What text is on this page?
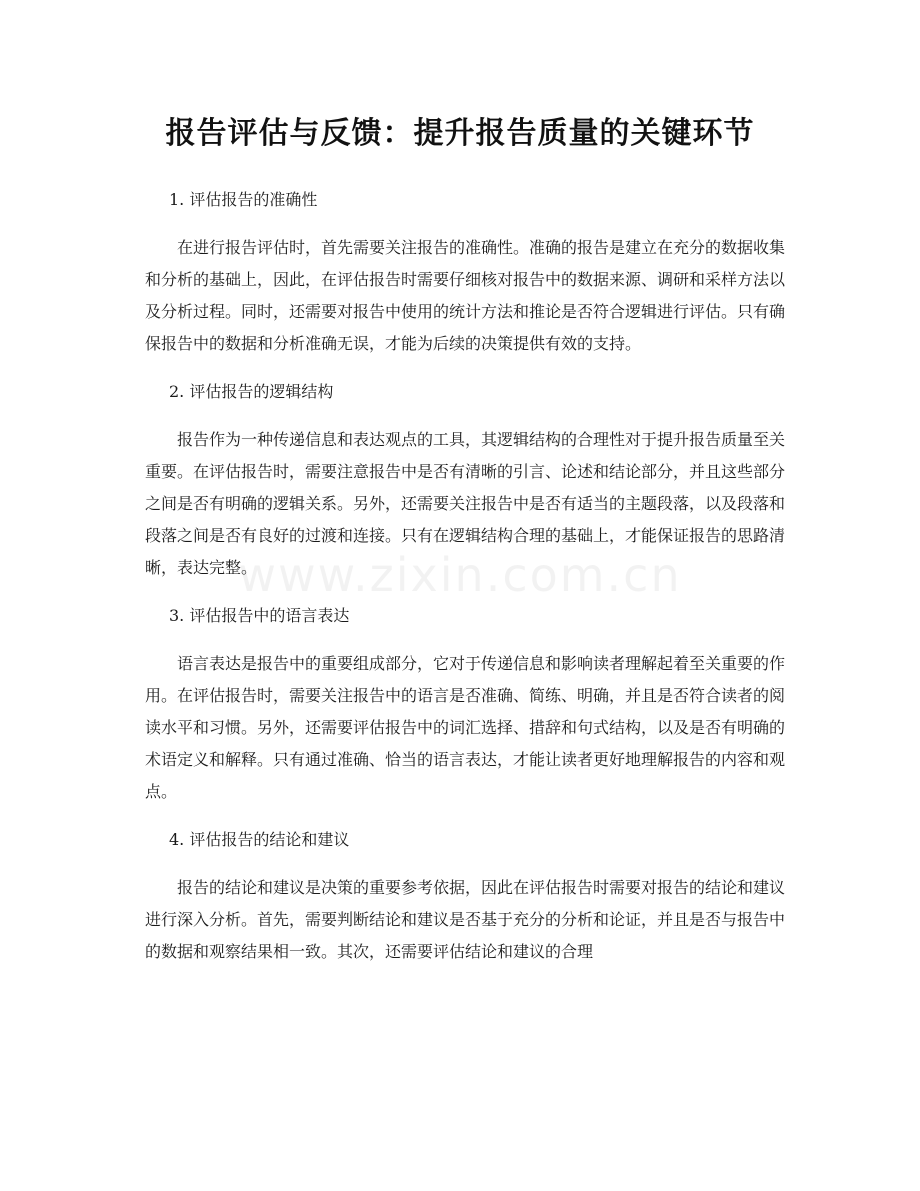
www.zixin.com.cn
报告评估与反馈：提升报告质量的关键环节

1. 评估报告的准确性

在进行报告评估时，首先需要关注报告的准确性。准确的报告是建立在充分的数据收集和分析的基础上，因此，在评估报告时需要仔细核对报告中的数据来源、调研和采样方法以及分析过程。同时，还需要对报告中使用的统计方法和推论是否符合逻辑进行评估。只有确保报告中的数据和分析准确无误，才能为后续的决策提供有效的支持。

2. 评估报告的逻辑结构

报告作为一种传递信息和表达观点的工具，其逻辑结构的合理性对于提升报告质量至关重要。在评估报告时，需要注意报告中是否有清晰的引言、论述和结论部分，并且这些部分之间是否有明确的逻辑关系。另外，还需要关注报告中是否有适当的主题段落，以及段落和段落之间是否有良好的过渡和连接。只有在逻辑结构合理的基础上，才能保证报告的思路清晰，表达完整。

3. 评估报告中的语言表达

语言表达是报告中的重要组成部分，它对于传递信息和影响读者理解起着至关重要的作用。在评估报告时，需要关注报告中的语言是否准确、简练、明确，并且是否符合读者的阅读水平和习惯。另外，还需要评估报告中的词汇选择、措辞和句式结构，以及是否有明确的术语定义和解释。只有通过准确、恰当的语言表达，才能让读者更好地理解报告的内容和观点。

4. 评估报告的结论和建议

报告的结论和建议是决策的重要参考依据，因此在评估报告时需要对报告的结论和建议进行深入分析。首先，需要判断结论和建议是否基于充分的分析和论证，并且是否与报告中的数据和观察结果相一致。其次，还需要评估结论和建议的合理
